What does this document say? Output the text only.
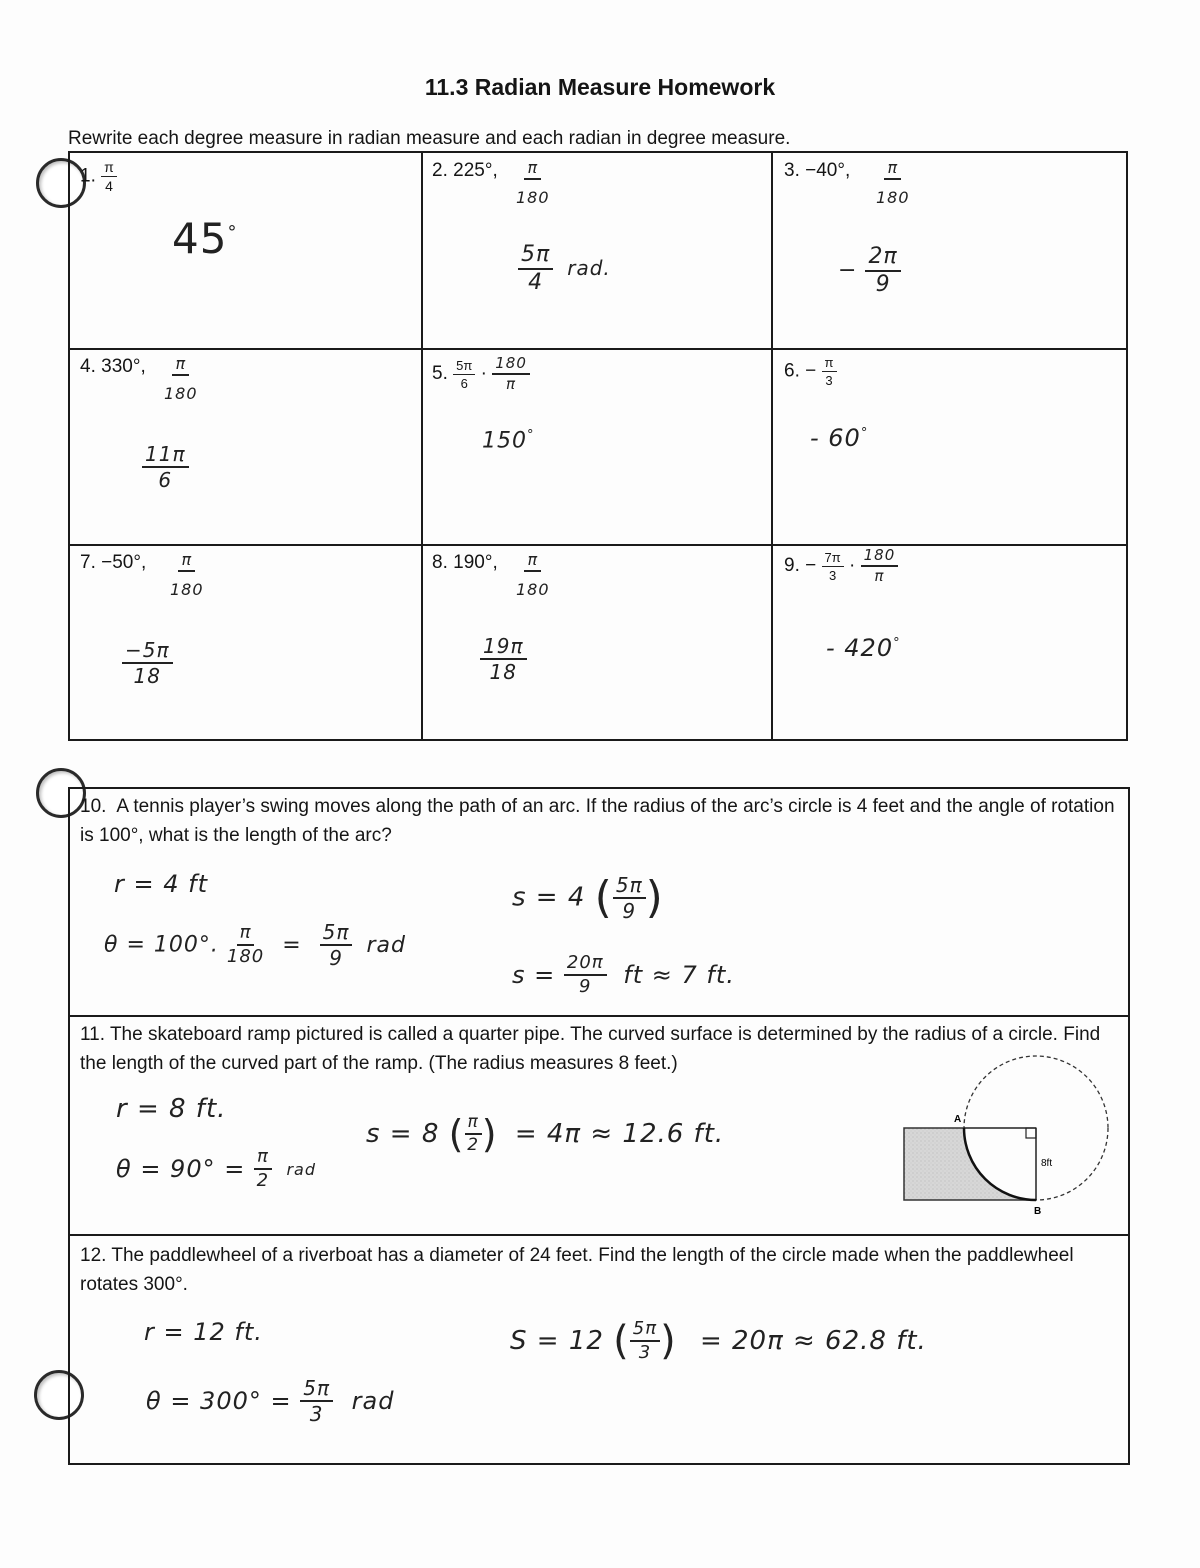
11.3 Radian Measure Homework
Rewrite each degree measure in radian measure and each radian in degree measure.
1. $\frac{\pi}{4}$
45°
2. 225°, $\frac{\pi}{180}$
$\frac{5\pi}{4}$ rad.
3. −40°, $\frac{\pi}{180}$
− $\frac{2\pi}{9}$
4. 330°, $\frac{\pi}{180}$
$\frac{11\pi}{6}$
5. $\frac{5\pi}{6} \cdot \frac{180}{\pi}$
150°
6. − $\frac{\pi}{3}$
- 60°
7. −50°, $\frac{\pi}{180}$
$\frac{-5\pi}{18}$
8. 190°, $\frac{\pi}{180}$
$\frac{19\pi}{18}$
9. − $\frac{7\pi}{3} \cdot \frac{180}{\pi}$
- 420°
10. A tennis player’s swing moves along the path of an arc. If the radius of the arc’s circle is 4 feet and the angle of rotation is 100°, what is the length of the arc?
r = 4 ft
θ = 100°. $\frac{\pi}{180} = \frac{5\pi}{9}$ rad
s = 4 ( $\frac{5\pi}{9}$ )
$s = \frac{20\pi}{9}$ ft ≈ 7 ft.
11. The skateboard ramp pictured is called a quarter pipe. The curved surface is determined by the radius of a circle. Find the length of the curved part of the ramp. (The radius measures 8 feet.)
r = 8 ft.
$\theta = 90^\circ = \frac{\pi}{2}$ rad
s = 8 ( $\frac{\pi}{2}$ ) = 4π ≈ 12.6 ft.	A
B
8ft
12. The paddlewheel of a riverboat has a diameter of 24 feet. Find the length of the circle made when the paddlewheel rotates 300°.
r = 12 ft.
$\theta = 300^\circ = \frac{5\pi}{3}$ rad
S = 12 ( $\frac{5\pi}{3}$ ) = 20π ≈ 62.8 ft.
